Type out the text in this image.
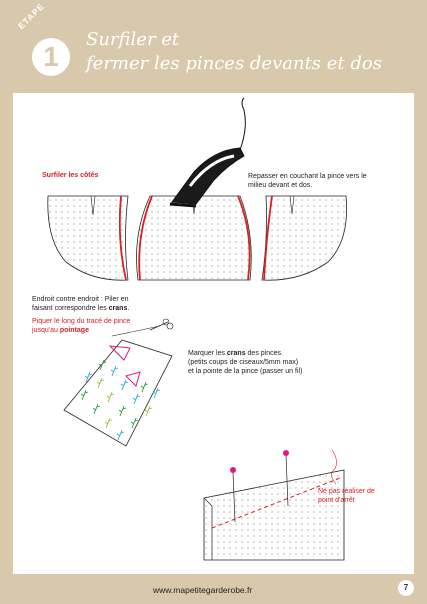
ETAPE
1
Surfiler et
fermer les pinces devants et dos
Surfiler les côtés	Repasser en couchant la pince vers le milieu devant et dos.
Endroit contre endroit : Piler en
faisant correspondre les crans.
Piquer le long du tracé de pince
jusqu'au pointage
Marquer les crans des pinces.
(petits coups de ciseaux/5mm max)
et la pointe de la pince (passer un fil)
Ne pas réaliser de
point d'arrêt
www.mapetitegarderobe.fr	7
